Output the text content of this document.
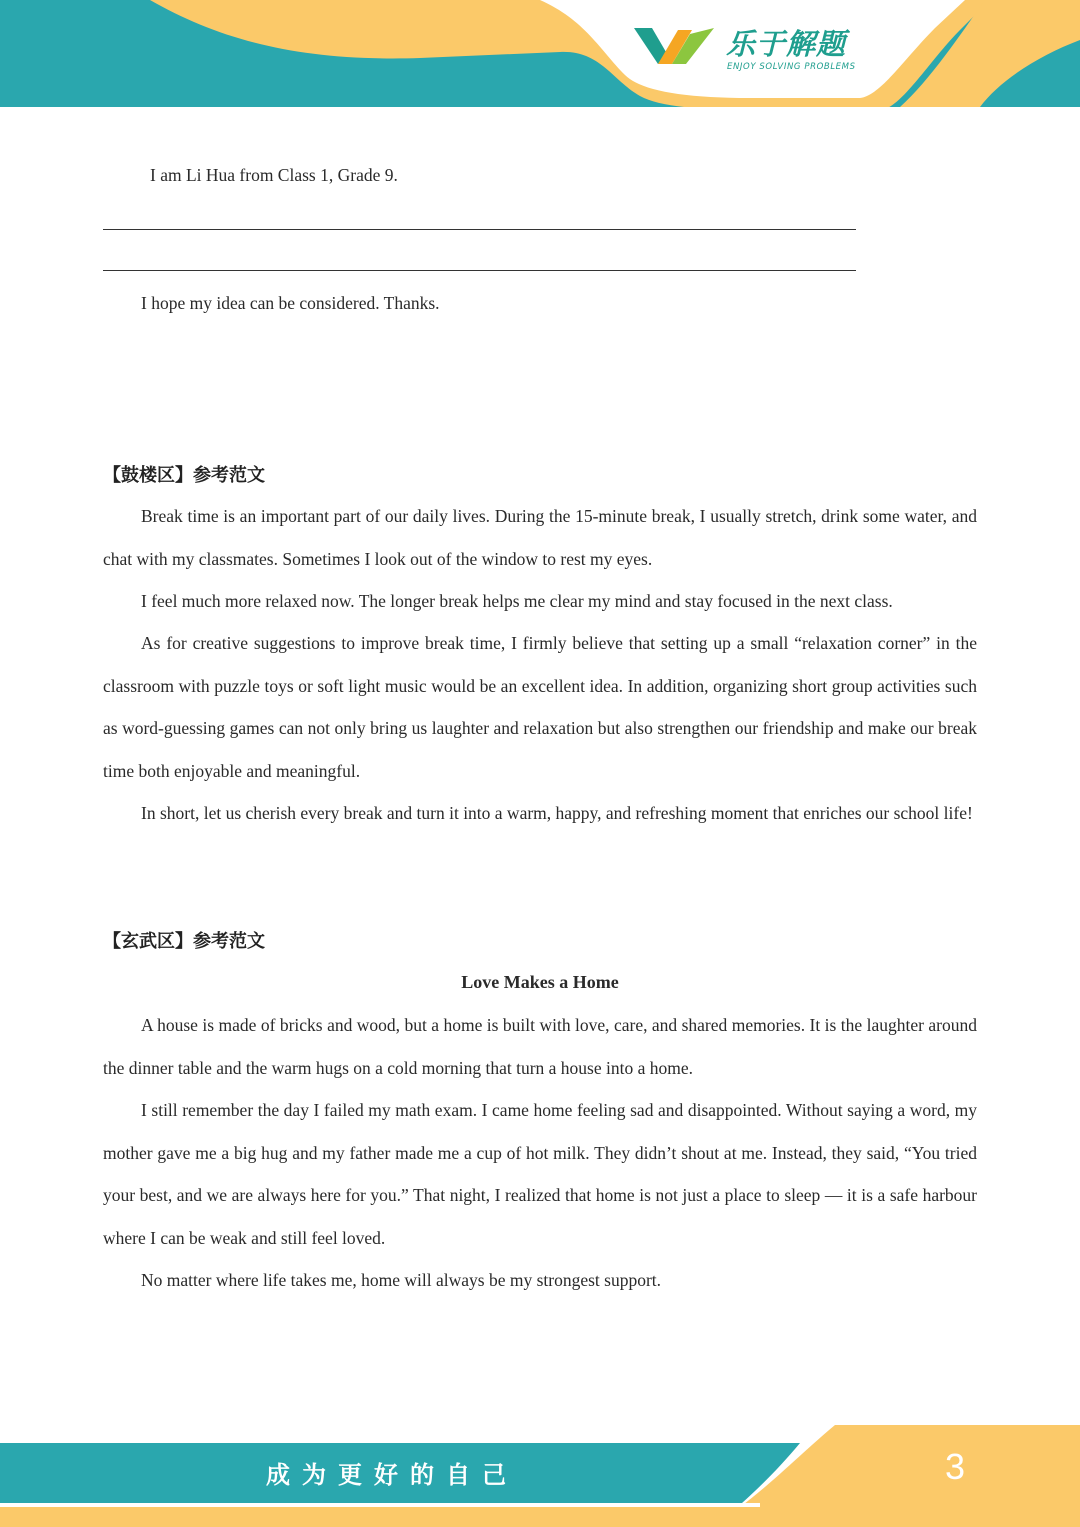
乐于解题
ENJOY SOLVING PROBLEMS
I am Li Hua from Class 1, Grade 9.
I hope my idea can be considered. Thanks.
【鼓楼区】参考范文
Break time is an important part of our daily lives. During the 15-minute break, I usually stretch, drink some water, and chat with my classmates. Sometimes I look out of the window to rest my eyes.
I feel much more relaxed now. The longer break helps me clear my mind and stay focused in the next class.
As for creative suggestions to improve break time, I firmly believe that setting up a small “relaxation corner” in the classroom with puzzle toys or soft light music would be an excellent idea. In addition, organizing short group activities such as word-guessing games can not only bring us laughter and relaxation but also strengthen our friendship and make our break time both enjoyable and meaningful.
In short, let us cherish every break and turn it into a warm, happy, and refreshing moment that enriches our school life!
【玄武区】参考范文
Love Makes a Home
A house is made of bricks and wood, but a home is built with love, care, and shared memories. It is the laughter around the dinner table and the warm hugs on a cold morning that turn a house into a home.
I still remember the day I failed my math exam. I came home feeling sad and disappointed. Without saying a word, my mother gave me a big hug and my father made me a cup of hot milk. They didn’t shout at me. Instead, they said, “You tried your best, and we are always here for you.” That night, I realized that home is not just a place to sleep — it is a safe harbour where I can be weak and still feel loved.
No matter where life takes me, home will always be my strongest support.
成为更好的自己	3
